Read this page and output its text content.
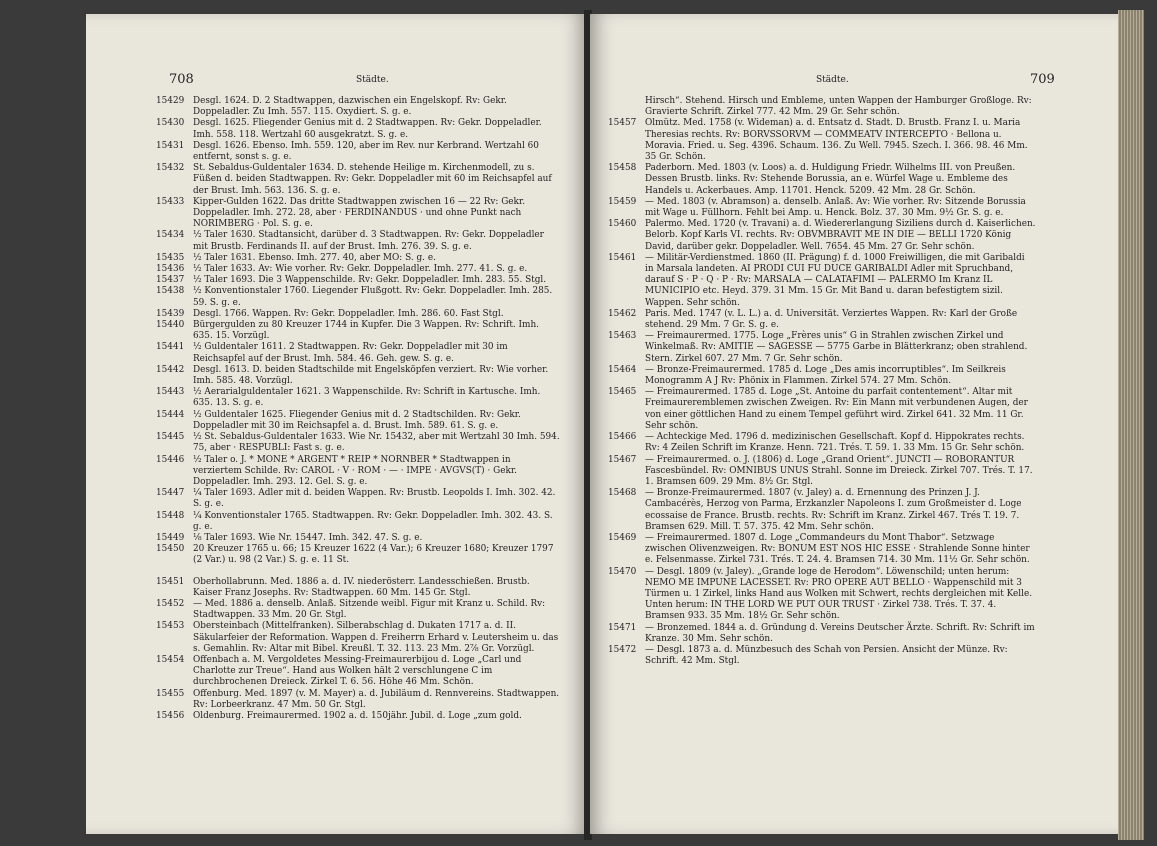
708	Städte.
15429 Desgl. 1624. D. 2 Stadtwappen, dazwischen ein Engelskopf. Rv: Gekr. Doppeladler. Zu Imh. 557. 115. Oxydiert. S. g. e.
15430 Desgl. 1625. Fliegender Genius mit d. 2 Stadtwappen. Rv: Gekr. Doppeladler. Imh. 558. 118. Wertzahl 60 ausgekratzt. S. g. e.
15431 Desgl. 1626. Ebenso. Imh. 559. 120, aber im Rev. nur Kerbrand. Wertzahl 60 entfernt, sonst s. g. e.
15432 St. Sebaldus-Guldentaler 1634. D. stehende Heilige m. Kirchenmodell, zu s. Füßen d. beiden Stadtwappen. Rv: Gekr. Doppeladler mit 60 im Reichsapfel auf der Brust. Imh. 563. 136. S. g. e.
15433 Kipper-Gulden 1622. Das dritte Stadtwappen zwischen 16 — 22 Rv: Gekr. Doppeladler. Imh. 272. 28, aber · FERDINANDUS · und ohne Punkt nach NORIMBERG · Pol. S. g. e.
15434 ½ Taler 1630. Stadtansicht, darüber d. 3 Stadtwappen. Rv: Gekr. Doppeladler mit Brustb. Ferdinands II. auf der Brust. Imh. 276. 39. S. g. e.
15435 ½ Taler 1631. Ebenso. Imh. 277. 40, aber MO: S. g. e.
15436 ½ Taler 1633. Av: Wie vorher. Rv: Gekr. Doppeladler. Imh. 277. 41. S. g. e.
15437 ½ Taler 1693. Die 3 Wappenschilde. Rv: Gekr. Doppeladler. Imh. 283. 55. Stgl.
15438 ½ Konventionstaler 1760. Liegender Flußgott. Rv: Gekr. Doppeladler. Imh. 285. 59. S. g. e.
15439 Desgl. 1766. Wappen. Rv: Gekr. Doppeladler. Imh. 286. 60. Fast Stgl.
15440 Bürgergulden zu 80 Kreuzer 1744 in Kupfer. Die 3 Wappen. Rv: Schrift. Imh. 635. 15. Vorzügl.
15441 ½ Guldentaler 1611. 2 Stadtwappen. Rv: Gekr. Doppeladler mit 30 im Reichsapfel auf der Brust. Imh. 584. 46. Geh. gew. S. g. e.
15442 Desgl. 1613. D. beiden Stadtschilde mit Engelsköpfen verziert. Rv: Wie vorher. Imh. 585. 48. Vorzügl.
15443 ½ Aerarialguldentaler 1621. 3 Wappenschilde. Rv: Schrift in Kartusche. Imh. 635. 13. S. g. e.
15444 ½ Guldentaler 1625. Fliegender Genius mit d. 2 Stadtschilden. Rv: Gekr. Doppeladler mit 30 im Reichsapfel a. d. Brust. Imh. 589. 61. S. g. e.
15445 ½ St. Sebaldus-Guldentaler 1633. Wie Nr. 15432, aber mit Wertzahl 30 Imh. 594. 75, aber · RESPUBLI: Fast s. g. e.
15446 ½ Taler o. J. * MONE * ARGENT * REIP * NORNBER * Stadtwappen in verziertem Schilde. Rv: CAROL · V · ROM · — · IMPE · AVGVS(T) · Gekr. Doppeladler. Imh. 293. 12. Gel. S. g. e.
15447 ¼ Taler 1693. Adler mit d. beiden Wappen. Rv: Brustb. Leopolds I. Imh. 302. 42. S. g. e.
15448 ¼ Konventionstaler 1765. Stadtwappen. Rv: Gekr. Doppeladler. Imh. 302. 43. S. g. e.
15449 ⅛ Taler 1693. Wie Nr. 15447. Imh. 342. 47. S. g. e.
15450 20 Kreuzer 1765 u. 66; 15 Kreuzer 1622 (4 Var.); 6 Kreuzer 1680; Kreuzer 1797 (2 Var.) u. 98 (2 Var.) S. g. e. 11 St.
15451 Oberhollabrunn. Med. 1886 a. d. IV. niederösterr. Landesschießen. Brustb. Kaiser Franz Josephs. Rv: Stadtwappen. 60 Mm. 145 Gr. Stgl.
15452 — Med. 1886 a. denselb. Anlaß. Sitzende weibl. Figur mit Kranz u. Schild. Rv: Stadtwappen. 33 Mm. 20 Gr. Stgl.
15453 Obersteinbach (Mittelfranken). Silberabschlag d. Dukaten 1717 a. d. II. Säkularfeier der Reformation. Wappen d. Freiherrn Erhard v. Leutersheim u. das s. Gemahlin. Rv: Altar mit Bibel. Kreußl. T. 32. 113. 23 Mm. 2⅞ Gr. Vorzügl.
15454 Offenbach a. M. Vergoldetes Messing-Freimaurerbijou d. Loge „Carl und Charlotte zur Treue“. Hand aus Wolken hält 2 verschlungene C im durchbrochenen Dreieck. Zirkel T. 6. 56. Höhe 46 Mm. Schön.
15455 Offenburg. Med. 1897 (v. M. Mayer) a. d. Jubiläum d. Rennvereins. Stadtwappen. Rv: Lorbeerkranz. 47 Mm. 50 Gr. Stgl.
15456 Oldenburg. Freimaurermed. 1902 a. d. 150jähr. Jubil. d. Loge „zum gold.
Städte.	709
Hirsch“. Stehend. Hirsch und Embleme, unten Wappen der Hamburger Großloge. Rv: Gravierte Schrift. Zirkel 777. 42 Mm. 29 Gr. Sehr schön.
15457 Olmütz. Med. 1758 (v. Wideman) a. d. Entsatz d. Stadt. D. Brustb. Franz I. u. Maria Theresias rechts. Rv: BORVSSORVM — COMMEATV INTERCEPTO · Bellona u. Moravia. Fried. u. Seg. 4396. Schaum. 136. Zu Well. 7945. Szech. I. 366. 98. 46 Mm. 35 Gr. Schön.
15458 Paderborn. Med. 1803 (v. Loos) a. d. Huldigung Friedr. Wilhelms III. von Preußen. Dessen Brustb. links. Rv: Stehende Borussia, an e. Würfel Wage u. Embleme des Handels u. Ackerbaues. Amp. 11701. Henck. 5209. 42 Mm. 28 Gr. Schön.
15459 — Med. 1803 (v. Abramson) a. denselb. Anlaß. Av: Wie vorher. Rv: Sitzende Borussia mit Wage u. Füllhorn. Fehlt bei Amp. u. Henck. Bolz. 37. 30 Mm. 9½ Gr. S. g. e.
15460 Palermo. Med. 1720 (v. Travani) a. d. Wiedererlangung Siziliens durch d. Kaiserlichen. Belorb. Kopf Karls VI. rechts. Rv: OBVMBRAVIT ME IN DIE — BELLI 1720 König David, darüber gekr. Doppeladler. Well. 7654. 45 Mm. 27 Gr. Sehr schön.
15461 — Militär-Verdienstmed. 1860 (II. Prägung) f. d. 1000 Freiwilligen, die mit Garibaldi in Marsala landeten. AI PRODI CUI FU DUCE GARIBALDI Adler mit Spruchband, darauf S · P · Q · P · Rv: MARSALA — CALATAFIMI — PALERMO Im Kranz IL MUNICIPIO etc. Heyd. 379. 31 Mm. 15 Gr. Mit Band u. daran befestigtem sizil. Wappen. Sehr schön.
15462 Paris. Med. 1747 (v. L. L.) a. d. Universität. Verziertes Wappen. Rv: Karl der Große stehend. 29 Mm. 7 Gr. S. g. e.
15463 — Freimaurermed. 1775. Loge „Frères unis“ G in Strahlen zwischen Zirkel und Winkelmaß. Rv: AMITIE — SAGESSE — 5775 Garbe in Blätterkranz; oben strahlend. Stern. Zirkel 607. 27 Mm. 7 Gr. Sehr schön.
15464 — Bronze-Freimaurermed. 1785 d. Loge „Des amis incorruptibles“. Im Seilkreis Monogramm A J Rv: Phönix in Flammen. Zirkel 574. 27 Mm. Schön.
15465 — Freimaurermed. 1785 d. Loge „St. Antoine du parfait contentement“. Altar mit Freimaureremblemen zwischen Zweigen. Rv: Ein Mann mit verbundenen Augen, der von einer göttlichen Hand zu einem Tempel geführt wird. Zirkel 641. 32 Mm. 11 Gr. Sehr schön.
15466 — Achteckige Med. 1796 d. medizinischen Gesellschaft. Kopf d. Hippokrates rechts. Rv: 4 Zeilen Schrift im Kranze. Henn. 721. Trés. T. 59. 1. 33 Mm. 15 Gr. Sehr schön.
15467 — Freimaurermed. o. J. (1806) d. Loge „Grand Orient“. JUNCTI — ROBORANTUR Fascesbündel. Rv: OMNIBUS UNUS Strahl. Sonne im Dreieck. Zirkel 707. Trés. T. 17. 1. Bramsen 609. 29 Mm. 8½ Gr. Stgl.
15468 — Bronze-Freimaurermed. 1807 (v. Jaley) a. d. Ernennung des Prinzen J. J. Cambacérès, Herzog von Parma, Erzkanzler Napoleons I. zum Großmeister d. Loge ecossaise de France. Brustb. rechts. Rv: Schrift im Kranz. Zirkel 467. Trés T. 19. 7. Bramsen 629. Mill. T. 57. 375. 42 Mm. Sehr schön.
15469 — Freimaurermed. 1807 d. Loge „Commandeurs du Mont Thabor“. Setzwage zwischen Olivenzweigen. Rv: BONUM EST NOS HIC ESSE · Strahlende Sonne hinter e. Felsenmasse. Zirkel 731. Trés. T. 24. 4. Bramsen 714. 30 Mm. 11½ Gr. Sehr schön.
15470 — Desgl. 1809 (v. Jaley). „Grande loge de Herodom“. Löwenschild; unten herum: NEMO ME IMPUNE LACESSET. Rv: PRO OPERE AUT BELLO · Wappenschild mit 3 Türmen u. 1 Zirkel, links Hand aus Wolken mit Schwert, rechts dergleichen mit Kelle. Unten herum: IN THE LORD WE PUT OUR TRUST · Zirkel 738. Trés. T. 37. 4. Bramsen 933. 35 Mm. 18½ Gr. Sehr schön.
15471 — Bronzemed. 1844 a. d. Gründung d. Vereins Deutscher Ärzte. Schrift. Rv: Schrift im Kranze. 30 Mm. Sehr schön.
15472 — Desgl. 1873 a. d. Münzbesuch des Schah von Persien. Ansicht der Münze. Rv: Schrift. 42 Mm. Stgl.
